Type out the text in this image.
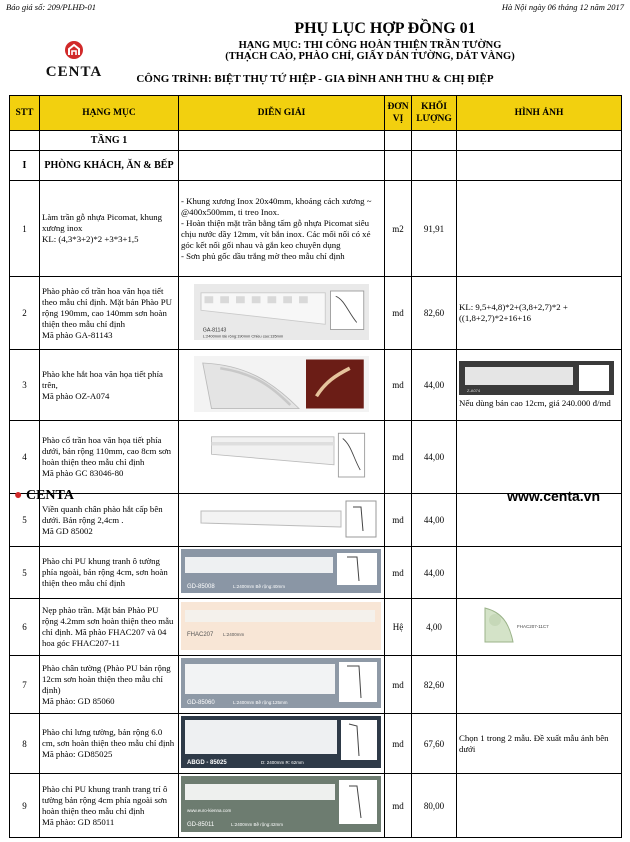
Báo giá số: 209/PLHĐ-01	Hà Nội ngày 06 tháng 12 năm 2017
CENTA
PHỤ LỤC HỢP ĐỒNG 01
HẠNG MỤC: THI CÔNG HOÀN THIỆN TRẦN TƯỜNG
(THẠCH CAO, PHÀO CHỈ, GIẤY DÁN TƯỜNG, DÁT VÀNG)
CÔNG TRÌNH: BIỆT THỰ TỨ HIỆP - GIA ĐÌNH ANH THU & CHỊ ĐIỆP
STT	HẠNG MỤC	DIỄN GIẢI	ĐƠN VỊ	KHỐI LƯỢNG	HÌNH ẢNH
	TẦNG 1				
I	PHÒNG KHÁCH, ĂN & BẾP				
1	Làm trần gỗ nhựa Picomat, khung xương inox
KL: (4,3*3+2)*2 +3*3+1,5	- Khung xương Inox 20x40mm, khoảng cách xương ~ @400x500mm, ti treo Inox.
- Hoàn thiện mặt trần bằng tấm gỗ nhựa Picomat siêu chịu nước dầy 12mm, vít bắn inox. Các mối nối có xẻ góc kết nối gối nhau và gắn keo chuyên dụng
- Sơn phủ gốc dầu trắng mờ theo mẫu chỉ định	m2	91,91	
2	Phào phào cổ trần hoa văn họa tiết theo mẫu chỉ định. Mặt bản Phào PU rộng 190mm, cao 140mm sơn hoàn thiện theo mẫu chỉ định
Mã phào GA-81143	GA-81143
L:2400mm Bề rộng:190mm Chiều cao:135mm	md	82,60	KL: 9,5+4,8)*2+(3,8+2,7)*2 +((1,8+2,7)*2+16+16
3	Phào khe hắt hoa văn họa tiết phía trên,
Mã phào OZ-A074		md	44,00	Z-A074
Nếu dùng bản cao 12cm, giá 240.000 đ/md

4	Phào cổ trần hoa văn họa tiết phía dưới, bản rộng 110mm, cao 8cm sơn hoàn thiện theo mẫu chỉ định
Mã phào GC 83046-80		md	44,00	
5	Viền quanh chân phào hắt cấp bên dưới. Bản rộng 2,4cm .
Mã GD 85002		md	44,00	
5	Phào chỉ PU khung tranh ô tường phía ngoài, bản rộng 4cm, sơn hoàn thiện theo mẫu chỉ định	GD-85008 L:2400mm Bề rộng:40mm	md	44,00	
6	Nẹp phào trần. Mặt bản Phào PU rộng 4.2mm sơn hoàn thiện theo mẫu chỉ định. Mã phào FHAC207 và 04 hoa góc FHAC207-11	FHAC207 L:2400mm	Hệ	4,00	FHAC207-11C7

7	Phào chân tường (Phào PU bản rộng 12cm sơn hoàn thiện theo mẫu chỉ định)
Mã phào: GD 85060	GD-85060 L:2400mm Bề rộng:125mm	md	82,60	
8	Phào chỉ lưng tường, bản rộng 6.0 cm, sơn hoàn thiện theo mẫu chỉ định
Mã phào: GD85025	ABGD - 85025 D: 2400mm R: 62mm	md	67,60	Chọn 1 trong 2 mẫu. Đề xuất mẫu ảnh bên dưới
9	Phào chỉ PU khung tranh trang trí ô tường bản rộng 4cm phía ngoài sơn hoàn thiện theo mẫu chỉ định
Mã phào: GD 85011	www.euro-kienna.com
GD-85011 L:2400mm Bề rộng:42mm	md	80,00	
● CENTA	www.centa.vn
